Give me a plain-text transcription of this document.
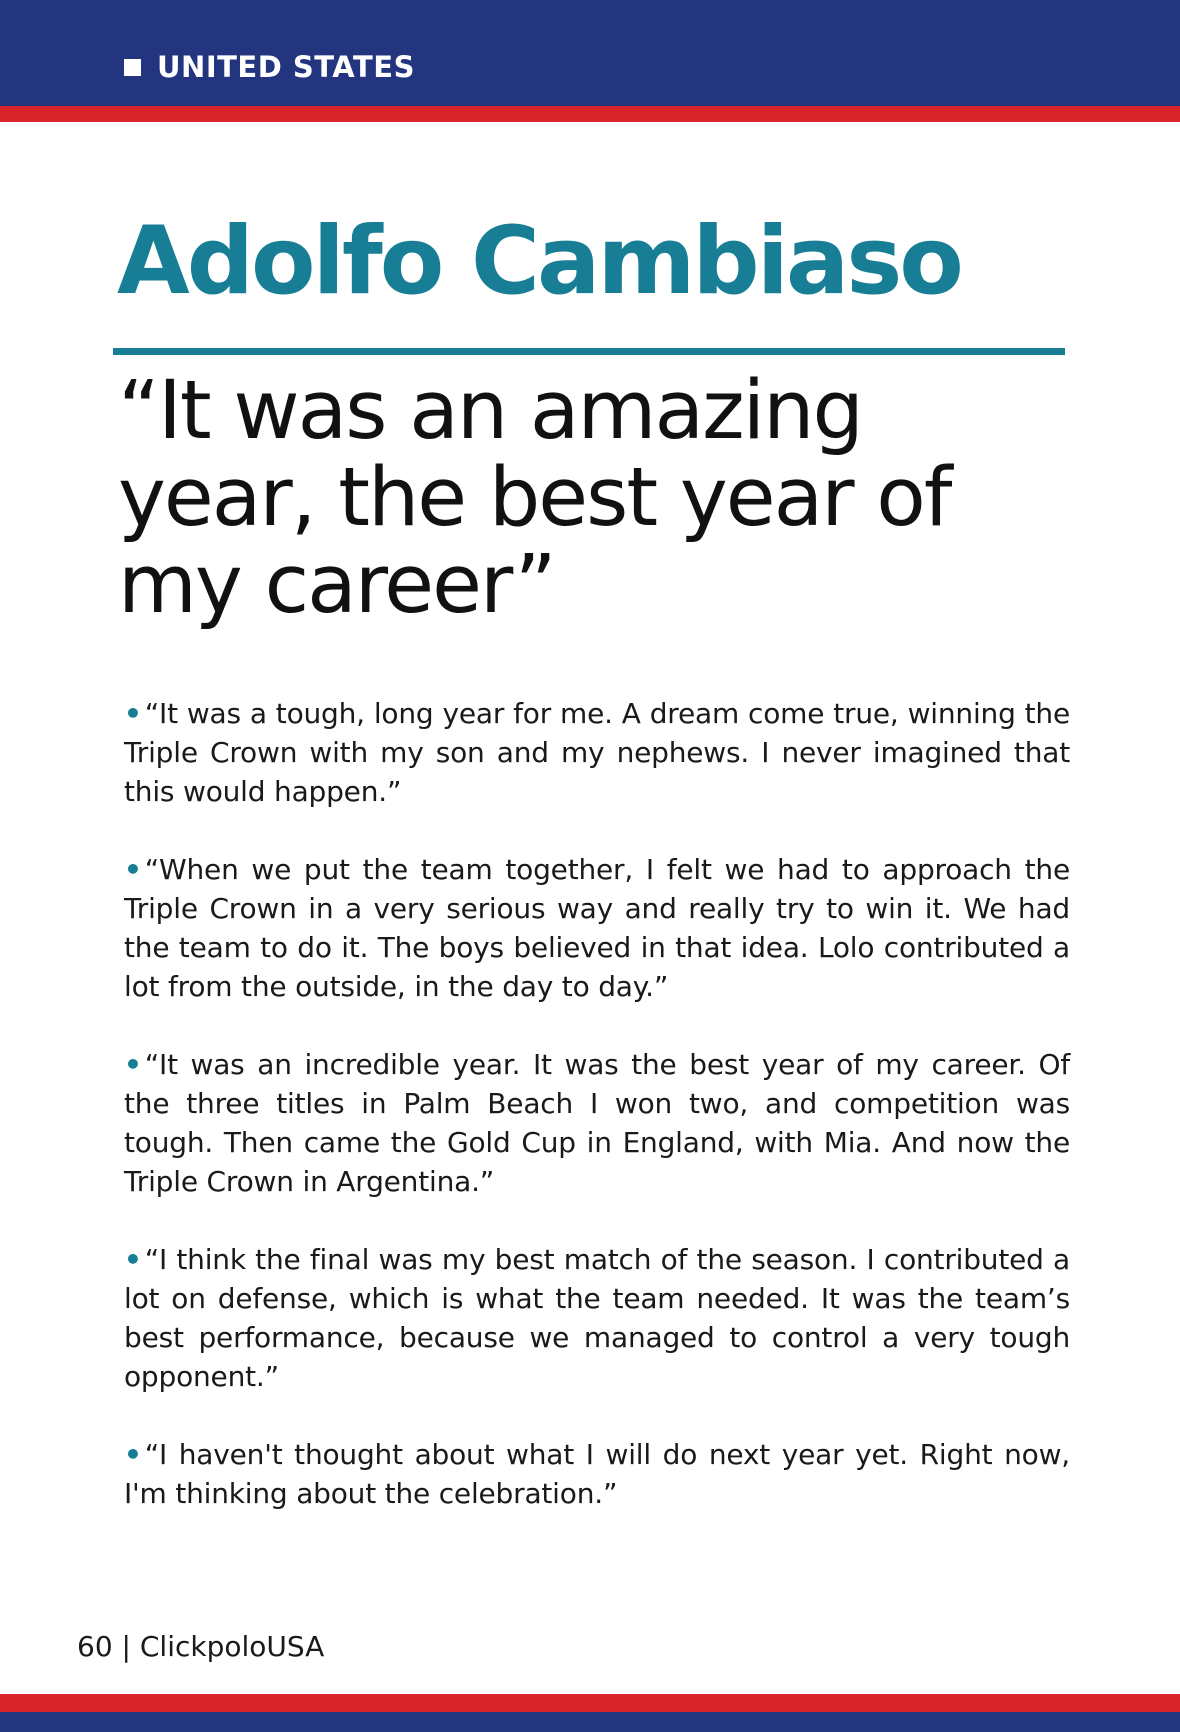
UNITED STATES
Adolfo Cambiaso
“It was an amazing year, the best year of my career”
• “It was a tough, long year for me. A dream come true, winning the Triple Crown with my son and my nephews. I never imagined that this would happen.”
• “When we put the team together, I felt we had to approach the Triple Crown in a very serious way and really try to win it. We had the team to do it. The boys believed in that idea. Lolo contributed a lot from the outside, in the day to day.”
• “It was an incredible year. It was the best year of my career. Of the three titles in Palm Beach I won two, and competition was tough. Then came the Gold Cup in England, with Mia. And now the Triple Crown in Argentina.”
• “I think the final was my best match of the season. I contributed a lot on defense, which is what the team needed. It was the team’s best performance, because we managed to control a very tough opponent.”
• “I haven't thought about what I will do next year yet. Right now, I'm thinking about the celebration.”
60 | ClickpoloUSA
